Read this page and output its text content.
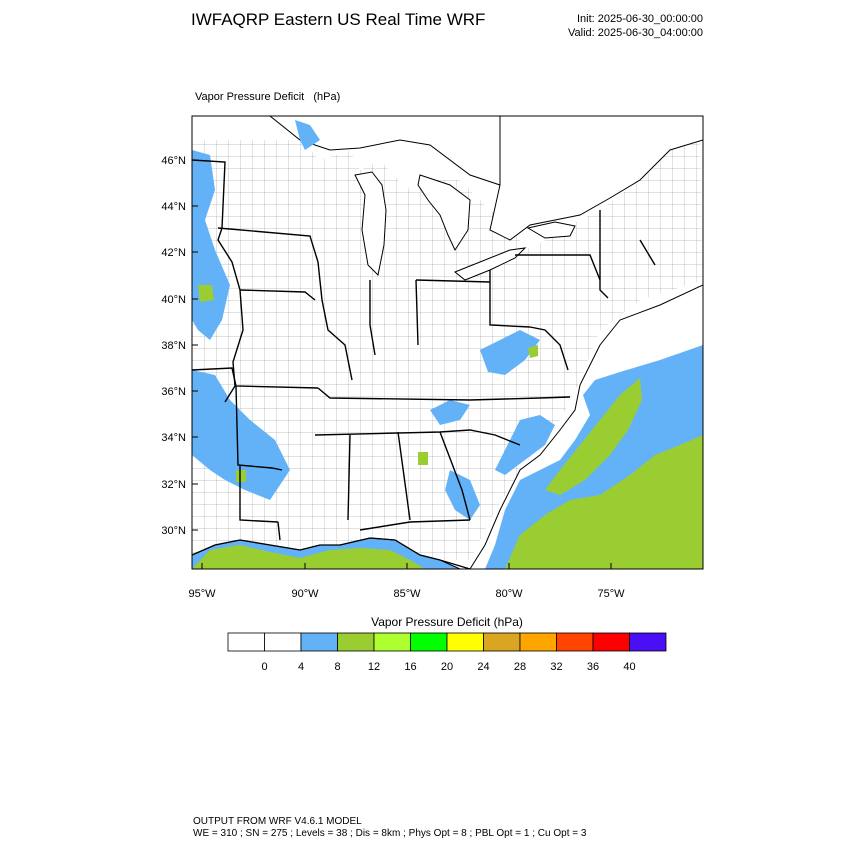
IWFAQRP Eastern US Real Time WRF	Init: 2025-06-30_00:00:00
Valid: 2025-06-30_04:00:00
Vapor Pressure Deficit   (hPa)
46°N
44°N
42°N
40°N
38°N
36°N
34°N
32°N
30°N
95°W	90°W	85°W	80°W	75°W
Vapor Pressure Deficit (hPa)
0	4	8 12 16 20 24 28 32 36 40
OUTPUT FROM WRF V4.6.1 MODEL
WE = 310 ; SN = 275 ; Levels = 38 ; Dis = 8km ; Phys Opt = 8 ; PBL Opt = 1 ; Cu Opt = 3
